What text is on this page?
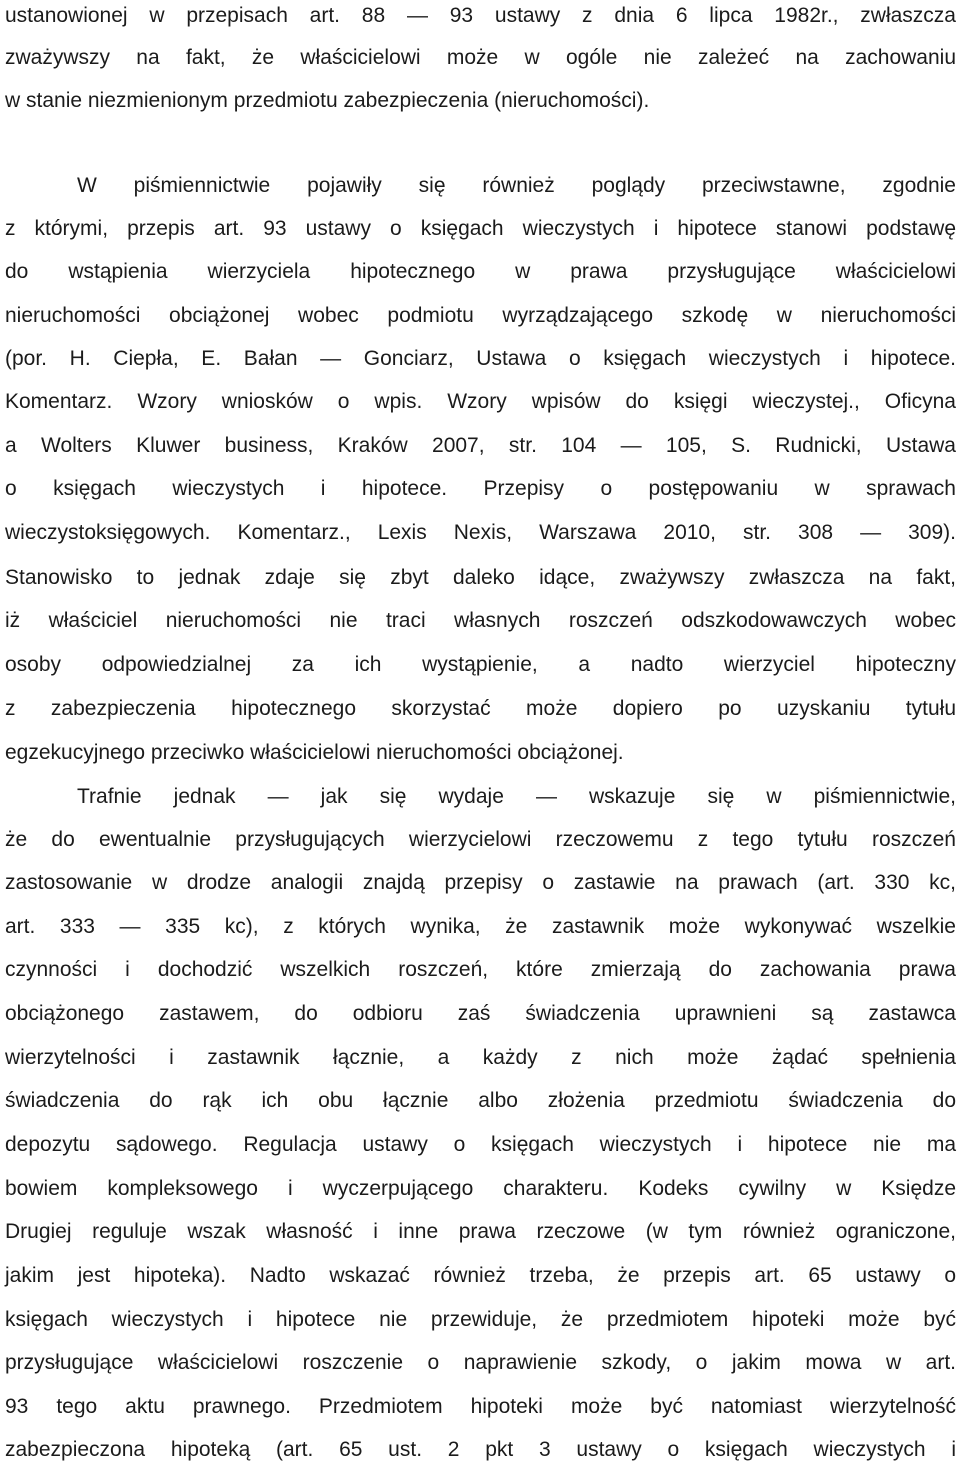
ustanowionej w przepisach art. 88 — 93 ustawy z dnia 6 lipca 1982r., zwłaszcza
zważywszy na fakt, że właścicielowi może w ogóle nie zależeć na zachowaniu
w stanie niezmienionym przedmiotu zabezpieczenia (nieruchomości).
W piśmiennictwie pojawiły się również poglądy przeciwstawne, zgodnie
z którymi, przepis art. 93 ustawy o księgach wieczystych i hipotece stanowi podstawę
do wstąpienia wierzyciela hipotecznego w prawa przysługujące właścicielowi
nieruchomości obciążonej wobec podmiotu wyrządzającego szkodę w nieruchomości
(por. H. Ciepła, E. Bałan — Gonciarz, Ustawa o księgach wieczystych i hipotece.
Komentarz. Wzory wniosków o wpis. Wzory wpisów do księgi wieczystej., Oficyna
a Wolters Kluwer business, Kraków 2007, str. 104 — 105, S. Rudnicki, Ustawa
o księgach wieczystych i hipotece. Przepisy o postępowaniu w sprawach
wieczystoksięgowych. Komentarz., Lexis Nexis, Warszawa 2010, str. 308 — 309).
Stanowisko to jednak zdaje się zbyt daleko idące, zważywszy zwłaszcza na fakt,
iż właściciel nieruchomości nie traci własnych roszczeń odszkodowawczych wobec
osoby odpowiedzialnej za ich wystąpienie, a nadto wierzyciel hipoteczny
z zabezpieczenia hipotecznego skorzystać może dopiero po uzyskaniu tytułu
egzekucyjnego przeciwko właścicielowi nieruchomości obciążonej.
Trafnie jednak — jak się wydaje — wskazuje się w piśmiennictwie,
że do ewentualnie przysługujących wierzycielowi rzeczowemu z tego tytułu roszczeń
zastosowanie w drodze analogii znajdą przepisy o zastawie na prawach (art. 330 kc,
art. 333 — 335 kc), z których wynika, że zastawnik może wykonywać wszelkie
czynności i dochodzić wszelkich roszczeń, które zmierzają do zachowania prawa
obciążonego zastawem, do odbioru zaś świadczenia uprawnieni są zastawca
wierzytelności i zastawnik łącznie, a każdy z nich może żądać spełnienia
świadczenia do rąk ich obu łącznie albo złożenia przedmiotu świadczenia do
depozytu sądowego. Regulacja ustawy o księgach wieczystych i hipotece nie ma
bowiem kompleksowego i wyczerpującego charakteru. Kodeks cywilny w Księdze
Drugiej reguluje wszak własność i inne prawa rzeczowe (w tym również ograniczone,
jakim jest hipoteka). Nadto wskazać również trzeba, że przepis art. 65 ustawy o
księgach wieczystych i hipotece nie przewiduje, że przedmiotem hipoteki może być
przysługujące właścicielowi roszczenie o naprawienie szkody, o jakim mowa w art.
93 tego aktu prawnego. Przedmiotem hipoteki może być natomiast wierzytelność
zabezpieczona hipoteką (art. 65 ust. 2 pkt 3 ustawy o księgach wieczystych i
